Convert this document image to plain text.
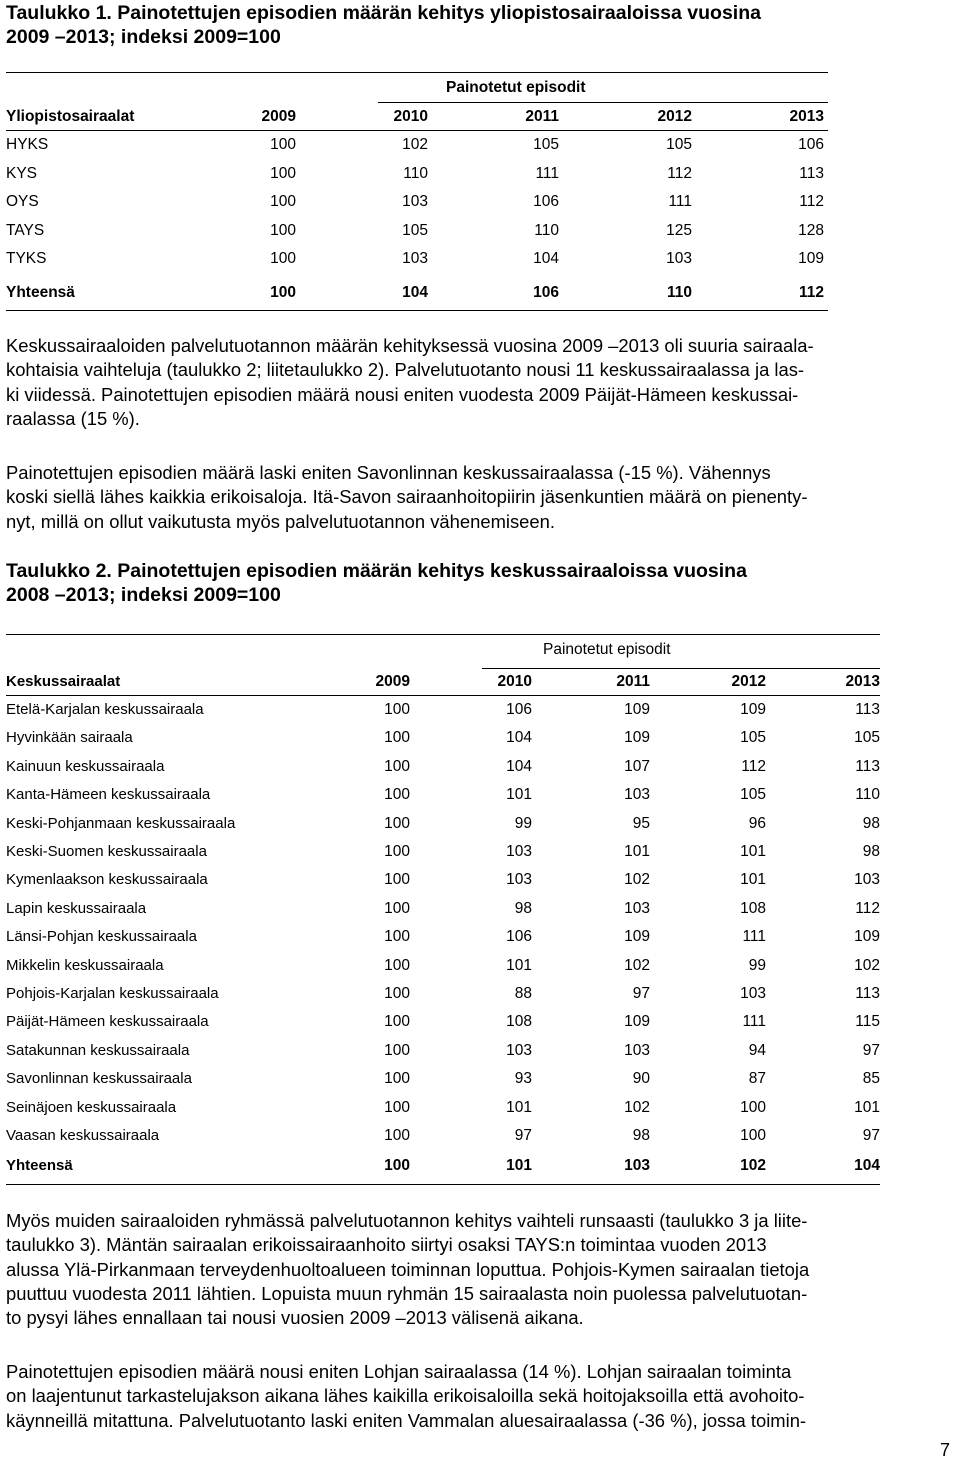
Taulukko 1. Painotettujen episodien määrän kehitys yliopistosairaaloissa vuosina
2009 –2013; indeksi 2009=100
Painotetut episodit
Yliopistosairaalat	2009	2010	2011	2012	2013
HYKS	100	102	105	105	106
KYS	100	110	111	112	113
OYS	100	103	106	111	112
TAYS	100	105	110	125	128
TYKS	100	103	104	103	109
Yhteensä	100	104	106	110	112
Keskussairaaloiden palvelutuotannon määrän kehityksessä vuosina 2009 –2013 oli suuria sairaala-
kohtaisia vaihteluja (taulukko 2; liitetaulukko 2). Palvelutuotanto nousi 11 keskussairaalassa ja las-
ki viidessä. Painotettujen episodien määrä nousi eniten vuodesta 2009 Päijät-Hämeen keskussai-
raalassa (15 %).
Painotettujen episodien määrä laski eniten Savonlinnan keskussairaalassa (-15 %). Vähennys
koski siellä lähes kaikkia erikoisaloja. Itä-Savon sairaanhoitopiirin jäsenkuntien määrä on pienenty-
nyt, millä on ollut vaikutusta myös palvelutuotannon vähenemiseen.
Taulukko 2. Painotettujen episodien määrän kehitys keskussairaaloissa vuosina
2008 –2013; indeksi 2009=100
Painotetut episodit
Keskussairaalat	2009	2010	2011	2012	2013
Etelä-Karjalan keskussairaala	100	106	109	109	113
Hyvinkään sairaala	100	104	109	105	105
Kainuun keskussairaala	100	104	107	112	113
Kanta-Hämeen keskussairaala	100	101	103	105	110
Keski-Pohjanmaan keskussairaala	100	99	95	96	98
Keski-Suomen keskussairaala	100	103	101	101	98
Kymenlaakson keskussairaala	100	103	102	101	103
Lapin keskussairaala	100	98	103	108	112
Länsi-Pohjan keskussairaala	100	106	109	111	109
Mikkelin keskussairaala	100	101	102	99	102
Pohjois-Karjalan keskussairaala	100	88	97	103	113
Päijät-Hämeen keskussairaala	100	108	109	111	115
Satakunnan keskussairaala	100	103	103	94	97
Savonlinnan keskussairaala	100	93	90	87	85
Seinäjoen keskussairaala	100	101	102	100	101
Vaasan keskussairaala	100	97	98	100	97
Yhteensä	100	101	103	102	104
Myös muiden sairaaloiden ryhmässä palvelutuotannon kehitys vaihteli runsaasti (taulukko 3 ja liite-
taulukko 3). Mäntän sairaalan erikoissairaanhoito siirtyi osaksi TAYS:n toimintaa vuoden 2013
alussa Ylä-Pirkanmaan terveydenhuoltoalueen toiminnan loputtua. Pohjois-Kymen sairaalan tietoja
puuttuu vuodesta 2011 lähtien. Lopuista muun ryhmän 15 sairaalasta noin puolessa palvelutuotan-
to pysyi lähes ennallaan tai nousi vuosien 2009 –2013 välisenä aikana.
Painotettujen episodien määrä nousi eniten Lohjan sairaalassa (14 %). Lohjan sairaalan toiminta
on laajentunut tarkastelujakson aikana lähes kaikilla erikoisaloilla sekä hoitojaksoilla että avohoito-
käynneillä mitattuna. Palvelutuotanto laski eniten Vammalan aluesairaalassa (-36 %), jossa toimin-
7
